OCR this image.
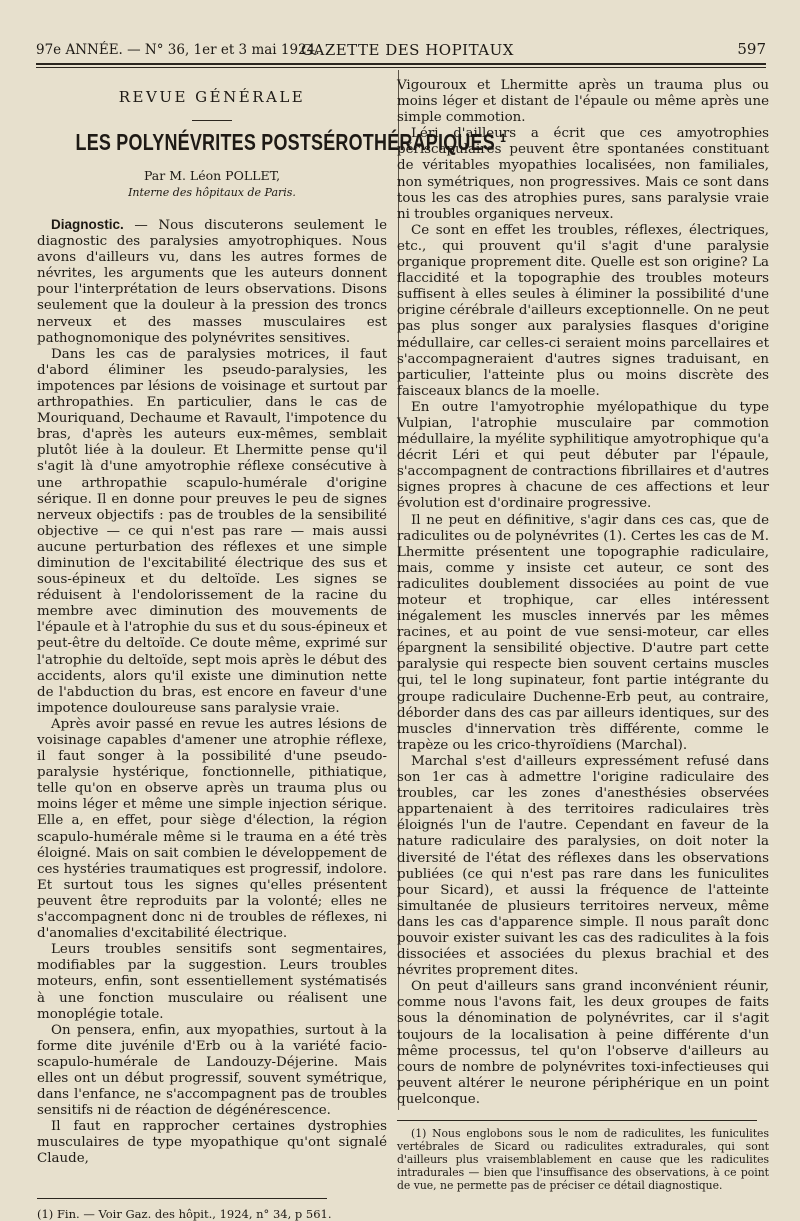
97e ANNÉE. — N° 36, 1er et 3 mai 1924.
GAZETTE DES HOPITAUX	597
REVUE GÉNÉRALE
LES POLYNÉVRITES POSTSÉROTHÉRAPIQUES ¹
Par M. Léon POLLET,
Interne des hôpitaux de Paris.

Diagnostic. — Nous discuterons seulement le diagnostic des paralysies amyotrophiques. Nous avons d'ailleurs vu, dans les autres formes de névrites, les arguments que les auteurs donnent pour l'interprétation de leurs observations. Disons seulement que la douleur à la pression des troncs nerveux et des masses musculaires est pathognomonique des polynévrites sensitives.

Dans les cas de paralysies motrices, il faut d'abord éliminer les pseudo-paralysies, les impotences par lésions de voisinage et surtout par arthropathies. En particulier, dans le cas de Mouriquand, Dechaume et Ravault, l'impotence du bras, d'après les auteurs eux-mêmes, semblait plutôt liée à la douleur. Et Lhermitte pense qu'il s'agit là d'une amyotrophie réflexe consécutive à une arthropathie scapulo-humérale d'origine sérique. Il en donne pour preuves le peu de signes nerveux objectifs : pas de troubles de la sensibilité objective — ce qui n'est pas rare — mais aussi aucune perturbation des réflexes et une simple diminution de l'excitabilité électrique des sus et sous-épineux et du deltoïde. Les signes se réduisent à l'endolorissement de la racine du membre avec diminution des mouvements de l'épaule et à l'atrophie du sus et du sous-épineux et peut-être du deltoïde. Ce doute même, exprimé sur l'atrophie du deltoïde, sept mois après le début des accidents, alors qu'il existe une diminution nette de l'abduction du bras, est encore en faveur d'une impotence douloureuse sans paralysie vraie.

Après avoir passé en revue les autres lésions de voisinage capables d'amener une atrophie réflexe, il faut songer à la possibilité d'une pseudo-paralysie hystérique, fonctionnelle, pithiatique, telle qu'on en observe après un trauma plus ou moins léger et même une simple injection sérique. Elle a, en effet, pour siège d'élection, la région scapulo-humérale même si le trauma en a été très éloigné. Mais on sait combien le développement de ces hystéries traumatiques est progressif, indolore. Et surtout tous les signes qu'elles présentent peuvent être reproduits par la volonté; elles ne s'accompagnent donc ni de troubles de réflexes, ni d'anomalies d'excitabilité électrique.

Leurs troubles sensitifs sont segmentaires, modifiables par la suggestion. Leurs troubles moteurs, enfin, sont essentiellement systématisés à une fonction musculaire ou réalisent une monoplégie totale.

On pensera, enfin, aux myopathies, surtout à la forme dite juvénile d'Erb ou à la variété facio-scapulo-humérale de Landouzy-Déjerine. Mais elles ont un début progressif, souvent symétrique, dans l'enfance, ne s'accompagnent pas de troubles sensitifs ni de réaction de dégénérescence.

Il faut en rapprocher certaines dystrophies musculaires de type myopathique qu'ont signalé Claude,

(1) Fin. — Voir Gaz. des hôpit., 1924, n° 34, p 561.

Vigouroux et Lhermitte après un trauma plus ou moins léger et distant de l'épaule ou même après une simple commotion.

Léri d'ailleurs a écrit que ces amyotrophies périscapulaires peuvent être spontanées constituant de véritables myopathies localisées, non familiales, non symétriques, non progressives. Mais ce sont dans tous les cas des atrophies pures, sans paralysie vraie ni troubles organiques nerveux.

Ce sont en effet les troubles, réflexes, électriques, etc., qui prouvent qu'il s'agit d'une paralysie organique proprement dite. Quelle est son origine? La flaccidité et la topographie des troubles moteurs suffisent à elles seules à éliminer la possibilité d'une origine cérébrale d'ailleurs exceptionnelle. On ne peut pas plus songer aux paralysies flasques d'origine médullaire, car celles-ci seraient moins parcellaires et s'accompagneraient d'autres signes traduisant, en particulier, l'atteinte plus ou moins discrète des faisceaux blancs de la moelle.

En outre l'amyotrophie myélopathique du type Vulpian, l'atrophie musculaire par commotion médullaire, la myélite syphilitique amyotrophique qu'a décrit Léri et qui peut débuter par l'épaule, s'accompagnent de contractions fibrillaires et d'autres signes propres à chacune de ces affections et leur évolution est d'ordinaire progressive.

Il ne peut en définitive, s'agir dans ces cas, que de radiculites ou de polynévrites (1). Certes les cas de M. Lhermitte présentent une topographie radiculaire, mais, comme y insiste cet auteur, ce sont des radiculites doublement dissociées au point de vue moteur et trophique, car elles intéressent inégalement les muscles innervés par les mêmes racines, et au point de vue sensi-moteur, car elles épargnent la sensibilité objective. D'autre part cette paralysie qui respecte bien souvent certains muscles qui, tel le long supinateur, font partie intégrante du groupe radiculaire Duchenne-Erb peut, au contraire, déborder dans des cas par ailleurs identiques, sur des muscles d'innervation très différente, comme le trapèze ou les crico-thyroïdiens (Marchal).

Marchal s'est d'ailleurs expressément refusé dans son 1er cas à admettre l'origine radiculaire des troubles, car les zones d'anesthésies observées appartenaient à des territoires radiculaires très éloignés l'un de l'autre. Cependant en faveur de la nature radiculaire des paralysies, on doit noter la diversité de l'état des réflexes dans les observations publiées (ce qui n'est pas rare dans les funiculites pour Sicard), et aussi la fréquence de l'atteinte simultanée de plusieurs territoires nerveux, même dans les cas d'apparence simple. Il nous paraît donc pouvoir exister suivant les cas des radiculites à la fois dissociées et associées du plexus brachial et des névrites proprement dites.

On peut d'ailleurs sans grand inconvénient réunir, comme nous l'avons fait, les deux groupes de faits sous la dénomination de polynévrites, car il s'agit toujours de la localisation à peine différente d'un même processus, tel qu'on l'observe d'ailleurs au cours de nombre de polynévrites toxi-infectieuses qui peuvent altérer le neurone périphérique en un point quelconque.

(1) Nous englobons sous le nom de radiculites, les funiculites vertébrales de Sicard ou radiculites extradurales, qui sont d'ailleurs plus vraisemblablement en cause que les radiculites intradurales — bien que l'insuffisance des observations, à ce point de vue, ne permette pas de préciser ce détail diagnostique.
